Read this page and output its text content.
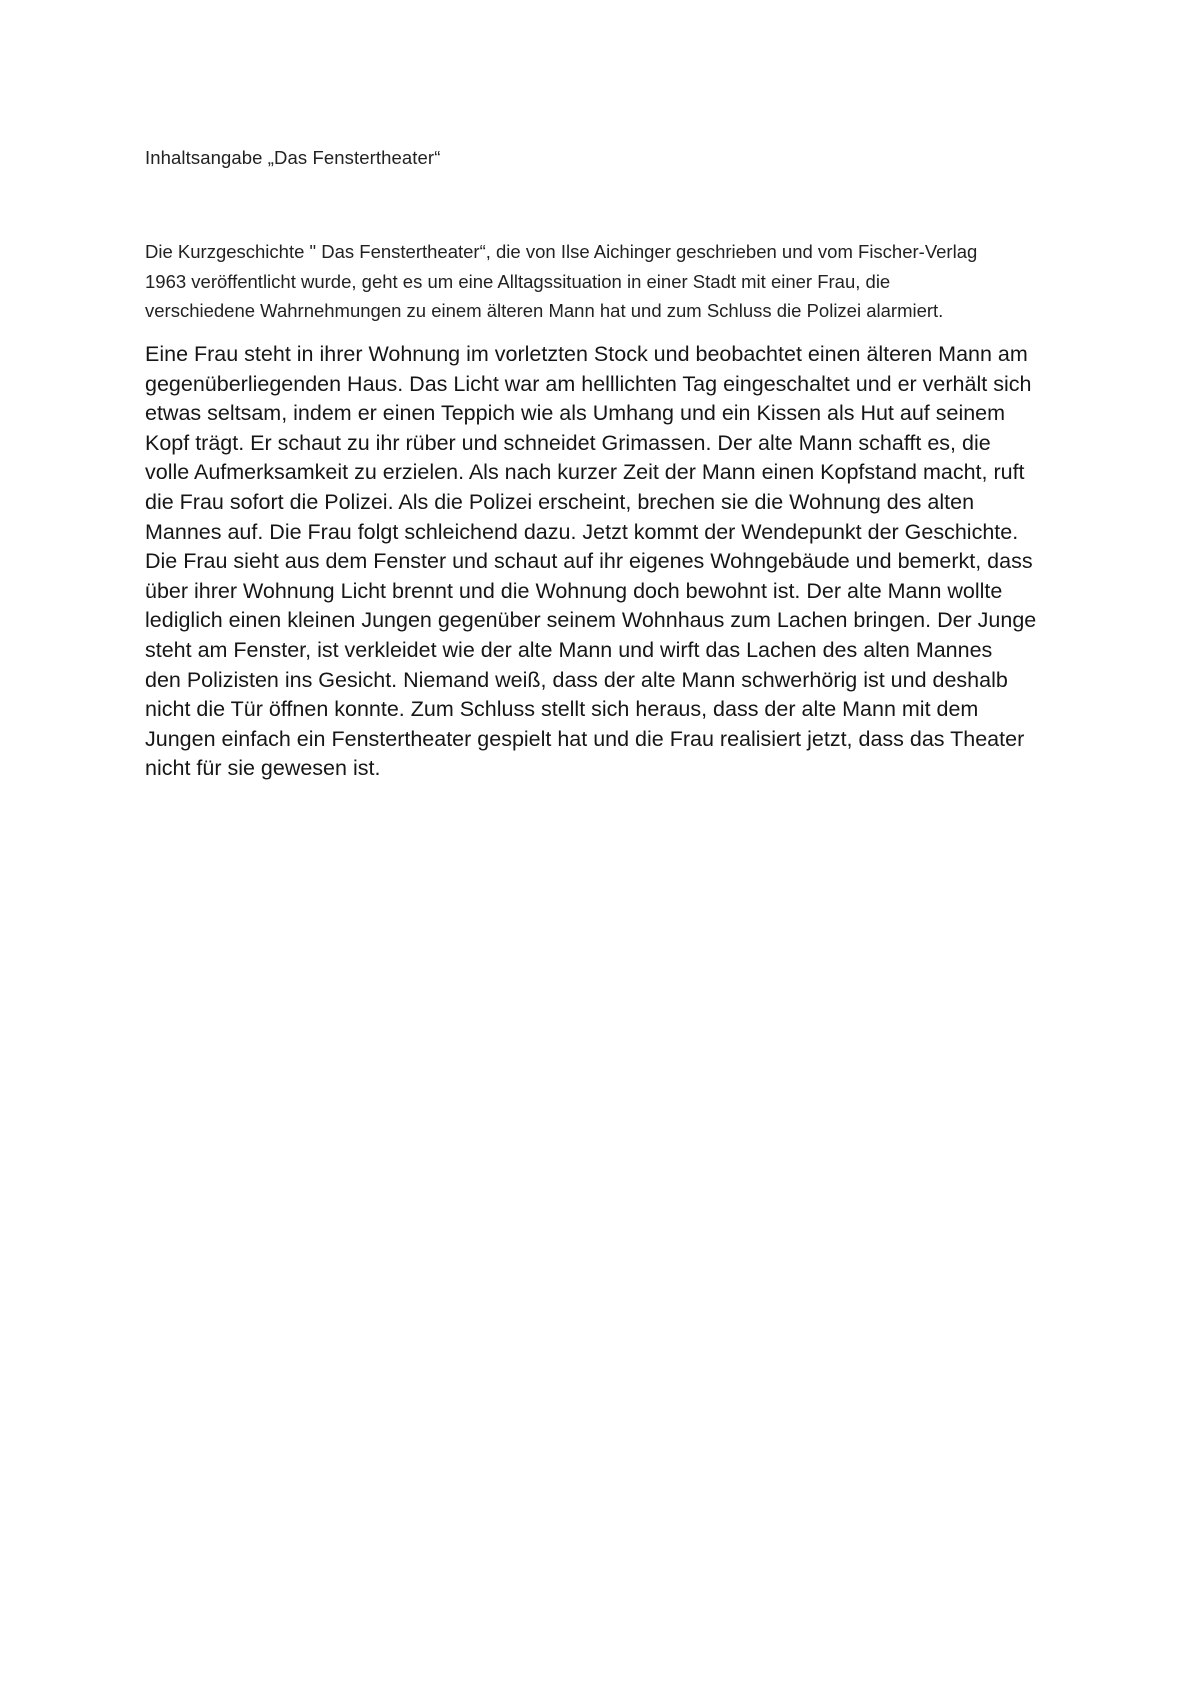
Inhaltsangabe „Das Fenstertheater“
Die Kurzgeschichte " Das Fenstertheater“, die von Ilse Aichinger geschrieben und vom Fischer-Verlag
1963 veröffentlicht wurde, geht es um eine Alltagssituation in einer Stadt mit einer Frau, die
verschiedene Wahrnehmungen zu einem älteren Mann hat und zum Schluss die Polizei alarmiert.
Eine Frau steht in ihrer Wohnung im vorletzten Stock und beobachtet einen älteren Mann am
gegenüberliegenden Haus. Das Licht war am helllichten Tag eingeschaltet und er verhält sich
etwas seltsam, indem er einen Teppich wie als Umhang und ein Kissen als Hut auf seinem
Kopf trägt. Er schaut zu ihr rüber und schneidet Grimassen. Der alte Mann schafft es, die
volle Aufmerksamkeit zu erzielen. Als nach kurzer Zeit der Mann einen Kopfstand macht, ruft
die Frau sofort die Polizei. Als die Polizei erscheint, brechen sie die Wohnung des alten
Mannes auf. Die Frau folgt schleichend dazu. Jetzt kommt der Wendepunkt der Geschichte.
Die Frau sieht aus dem Fenster und schaut auf ihr eigenes Wohngebäude und bemerkt, dass
über ihrer Wohnung Licht brennt und die Wohnung doch bewohnt ist. Der alte Mann wollte
lediglich einen kleinen Jungen gegenüber seinem Wohnhaus zum Lachen bringen. Der Junge
steht am Fenster, ist verkleidet wie der alte Mann und wirft das Lachen des alten Mannes
den Polizisten ins Gesicht. Niemand weiß, dass der alte Mann schwerhörig ist und deshalb
nicht die Tür öffnen konnte. Zum Schluss stellt sich heraus, dass der alte Mann mit dem
Jungen einfach ein Fenstertheater gespielt hat und die Frau realisiert jetzt, dass das Theater
nicht für sie gewesen ist.
